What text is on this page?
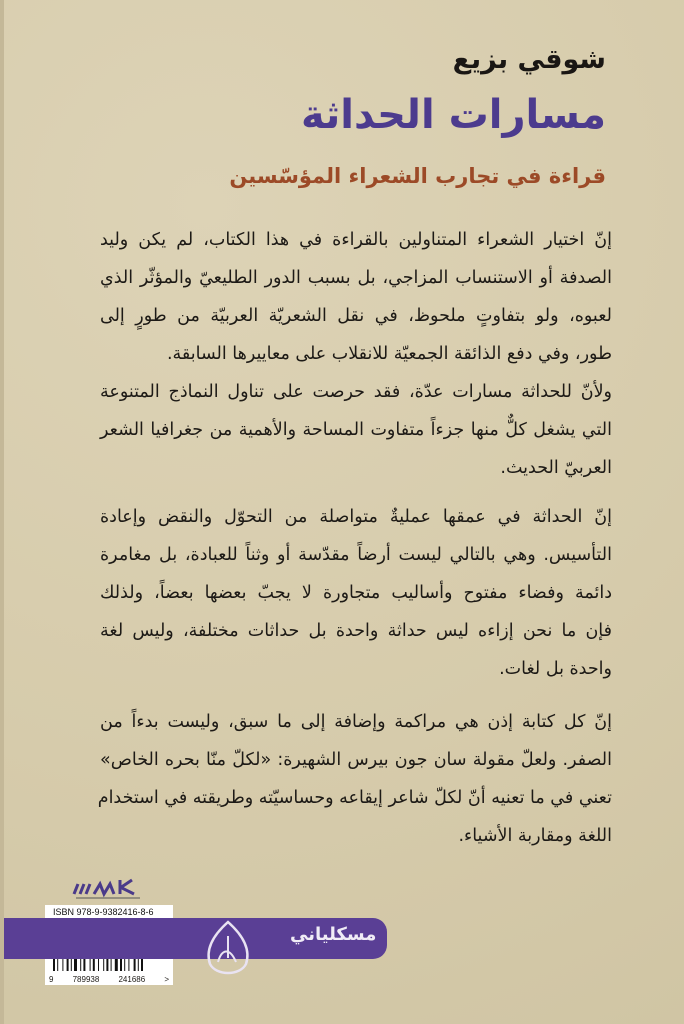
شوقي بزيع
مسارات الحداثة
قراءة في تجارب الشعراء المؤسّسين
إنّ اختيار الشعراء المتناولين بالقراءة في هذا الكتاب، لم يكن وليد
الصدفة أو الاستنساب المزاجي، بل بسبب الدور الطليعيّ والمؤثّر الذي
لعبوه، ولو بتفاوتٍ ملحوظ، في نقل الشعريّة العربيّة من طورٍ إلى
طور، وفي دفع الذائقة الجمعيّة للانقلاب على معاييرها السابقة.
ولأنّ للحداثة مسارات عدّة، فقد حرصت على تناول النماذج المتنوعة
التي يشغل كلٌّ منها جزءاً متفاوت المساحة والأهمية من جغرافيا الشعر
العربيّ الحديث.
إنّ الحداثة في عمقها عمليةٌ متواصلة من التحوّل والنقض وإعادة
التأسيس. وهي بالتالي ليست أرضاً مقدّسة أو وثناً للعبادة، بل مغامرة
دائمة وفضاء مفتوح وأساليب متجاورة لا يجبّ بعضها بعضاً، ولذلك
فإن ما نحن إزاءه ليس حداثة واحدة بل حداثات مختلفة، وليس لغة
واحدة بل لغات.
إنّ كل كتابة إذن هي مراكمة وإضافة إلى ما سبق، وليست بدءاً من
الصفر. ولعلّ مقولة سان جون بيرس الشهيرة: «لكلّ منّا بحره الخاص»
تعني في ما تعنيه أنّ لكلّ شاعر إيقاعه وحساسيّته وطريقته في استخدام
اللغة ومقاربة الأشياء.
ISBN 978-9-9382416-8-6
9 789938 241686 >
مسكلياني
